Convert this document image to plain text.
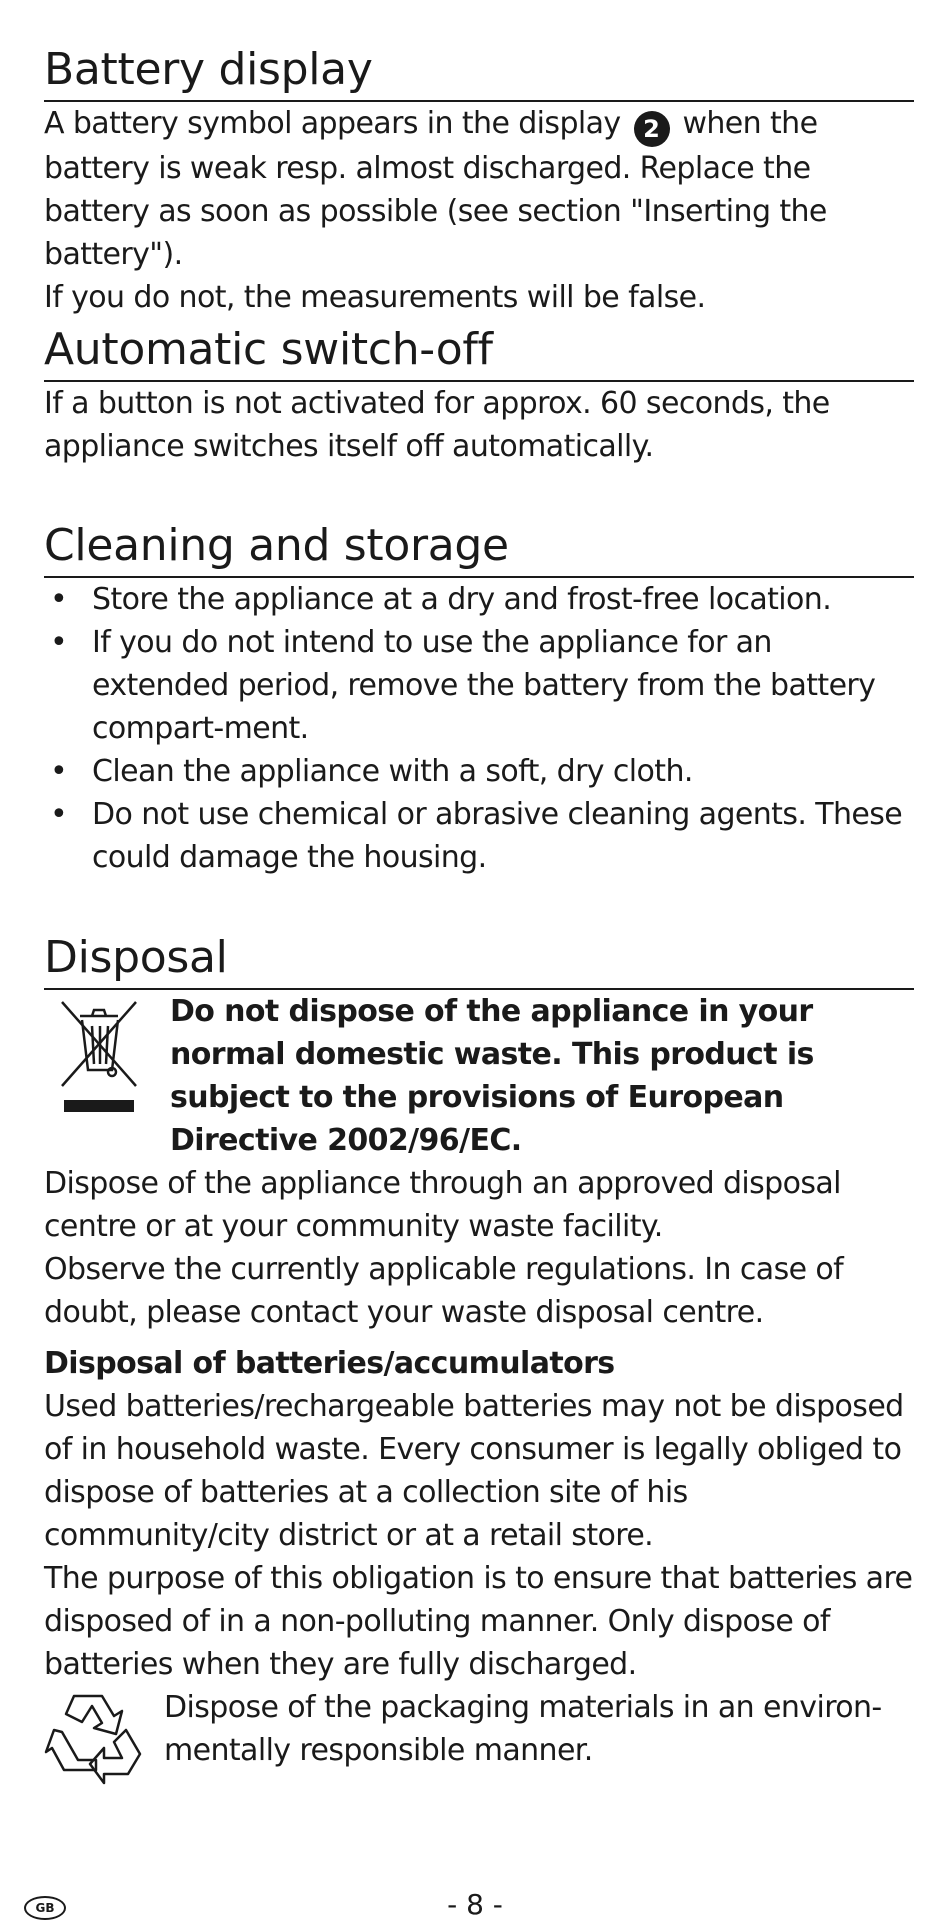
Battery display

A battery symbol appears in the display 2 when the battery is weak resp. almost discharged. Replace the battery as soon as possible (see section "Inserting the battery").

If you do not, the measurements will be false.

Automatic switch-off

If a button is not activated for approx. 60 seconds, the appliance switches itself off automatically.

Cleaning and storage
• Store the appliance at a dry and frost-free location.
• If you do not intend to use the appliance for an extended period, remove the battery from the battery compart-ment.
• Clean the appliance with a soft, dry cloth.
• Do not use chemical or abrasive cleaning agents. These could damage the housing.
Disposal

Do not dispose of the appliance in your normal domestic waste. This product is subject to the provisions of European Directive 2002/96/EC.

Dispose of the appliance through an approved disposal centre or at your community waste facility.

Observe the currently applicable regulations. In case of doubt, please contact your waste disposal centre.

Disposal of batteries/accumulators

Used batteries/rechargeable batteries may not be disposed of in household waste. Every consumer is legally obliged to dispose of batteries at a collection site of his community/city district or at a retail store.

The purpose of this obligation is to ensure that batteries are disposed of in a non-polluting manner. Only dispose of batteries when they are fully discharged.

Dispose of the packaging materials in an environ-mentally responsible manner.

GB	- 8 -
